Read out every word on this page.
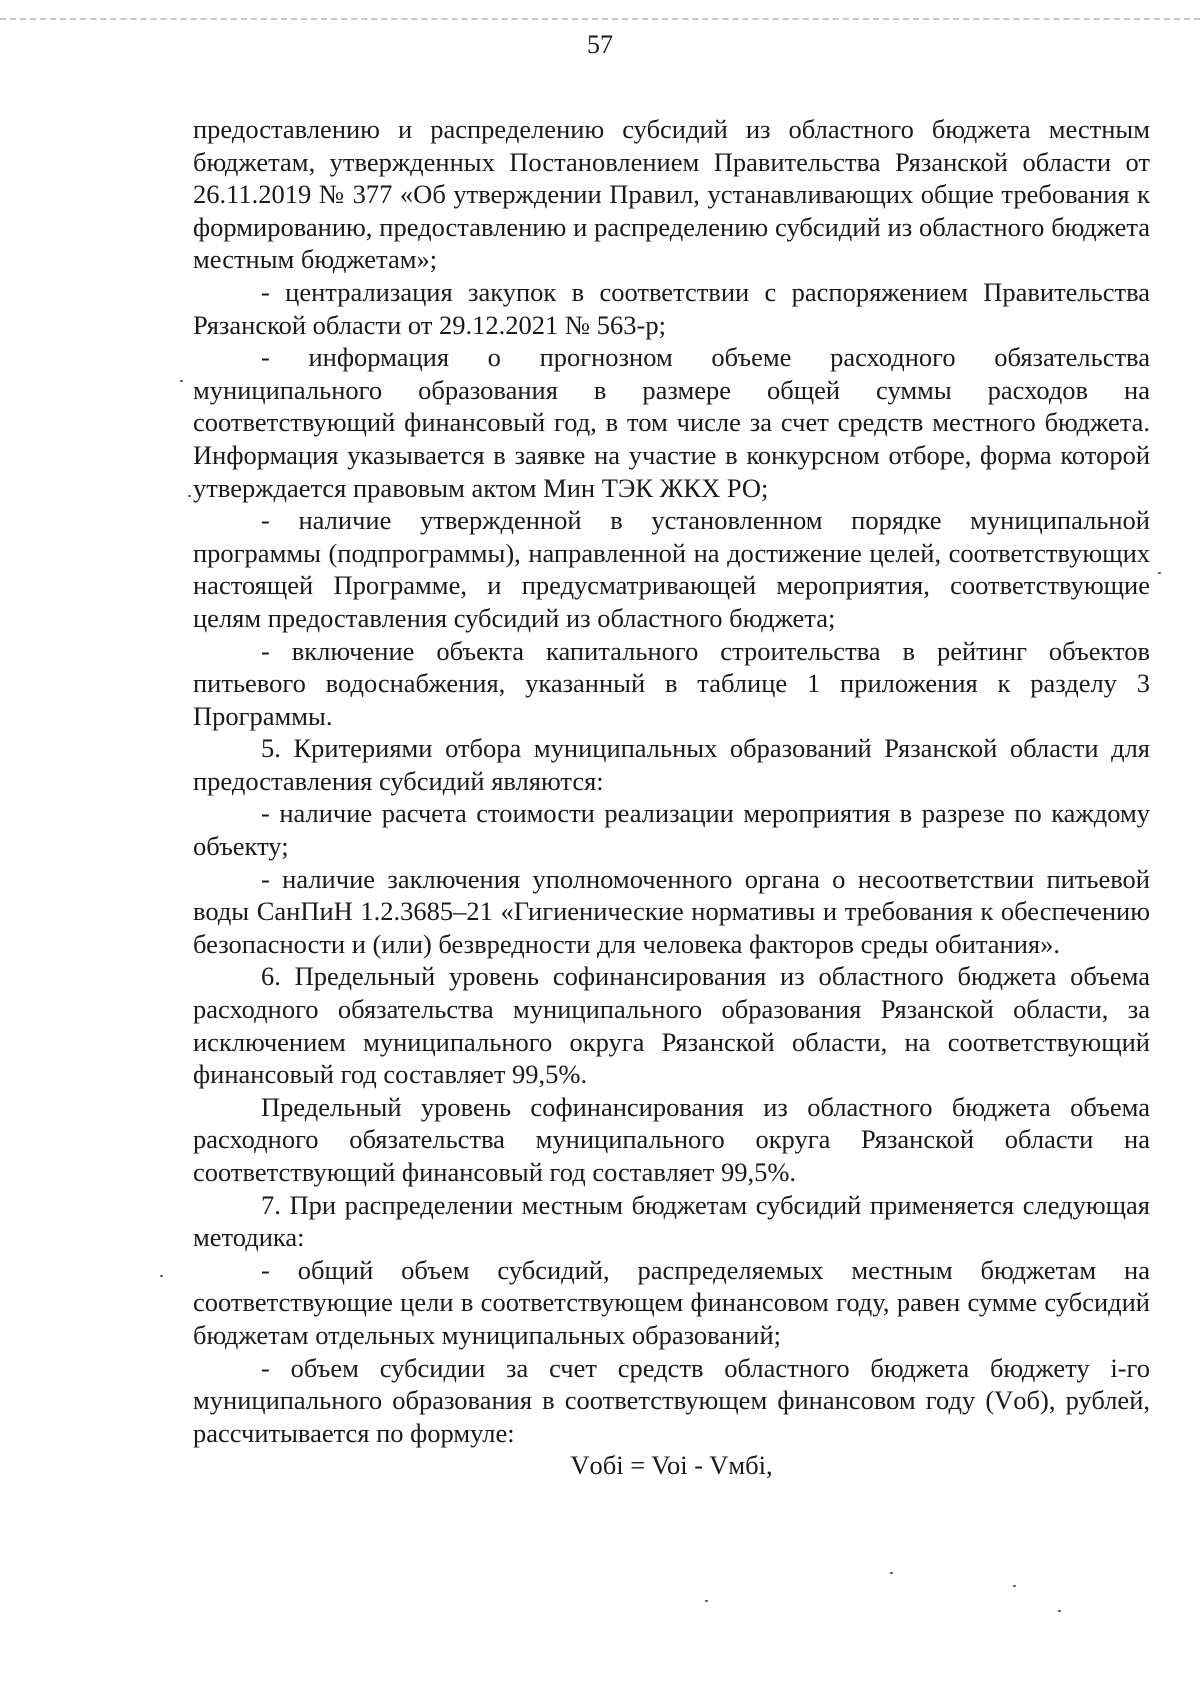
57

предоставлению и распределению субсидий из областного бюджета местным бюджетам, утвержденных Постановлением Правительства Рязанской области от 26.11.2019 № 377 «Об утверждении Правил, устанавливающих общие требования к формированию, предоставлению и распределению субсидий из областного бюджета местным бюджетам»;

- централизация закупок в соответствии с распоряжением Правительства Рязанской области от 29.12.2021 № 563-р;

- информация о прогнозном объеме расходного обязательства муниципального образования в размере общей суммы расходов на соответствующий финансовый год, в том числе за счет средств местного бюджета. Информация указывается в заявке на участие в конкурсном отборе, форма которой утверждается правовым актом Мин ТЭК ЖКХ РО;

- наличие утвержденной в установленном порядке муниципальной программы (подпрограммы), направленной на достижение целей, соответствующих настоящей Программе, и предусматривающей мероприятия, соответствующие целям предоставления субсидий из областного бюджета;

- включение объекта капитального строительства в рейтинг объектов питьевого водоснабжения, указанный в таблице 1 приложения к разделу 3 Программы.

5. Критериями отбора муниципальных образований Рязанской области для предоставления субсидий являются:

- наличие расчета стоимости реализации мероприятия в разрезе по каждому объекту;

- наличие заключения уполномоченного органа о несоответствии питьевой воды СанПиН 1.2.3685–21 «Гигиенические нормативы и требования к обеспечению безопасности и (или) безвредности для человека факторов среды обитания».

6. Предельный уровень софинансирования из областного бюджета объема расходного обязательства муниципального образования Рязанской области, за исключением муниципального округа Рязанской области, на соответствующий финансовый год составляет 99,5%.

Предельный уровень софинансирования из областного бюджета объема расходного обязательства муниципального округа Рязанской области на соответствующий финансовый год составляет 99,5%.

7. При распределении местным бюджетам субсидий применяется следующая методика:

- общий объем субсидий, распределяемых местным бюджетам на соответствующие цели в соответствующем финансовом году, равен сумме субсидий бюджетам отдельных муниципальных образований;

- объем субсидии за счет средств областного бюджета бюджету i-го муниципального образования в соответствующем финансовом году (Vоб), рублей, рассчитывается по формуле:

Vобi = Voi - Vмбi,
